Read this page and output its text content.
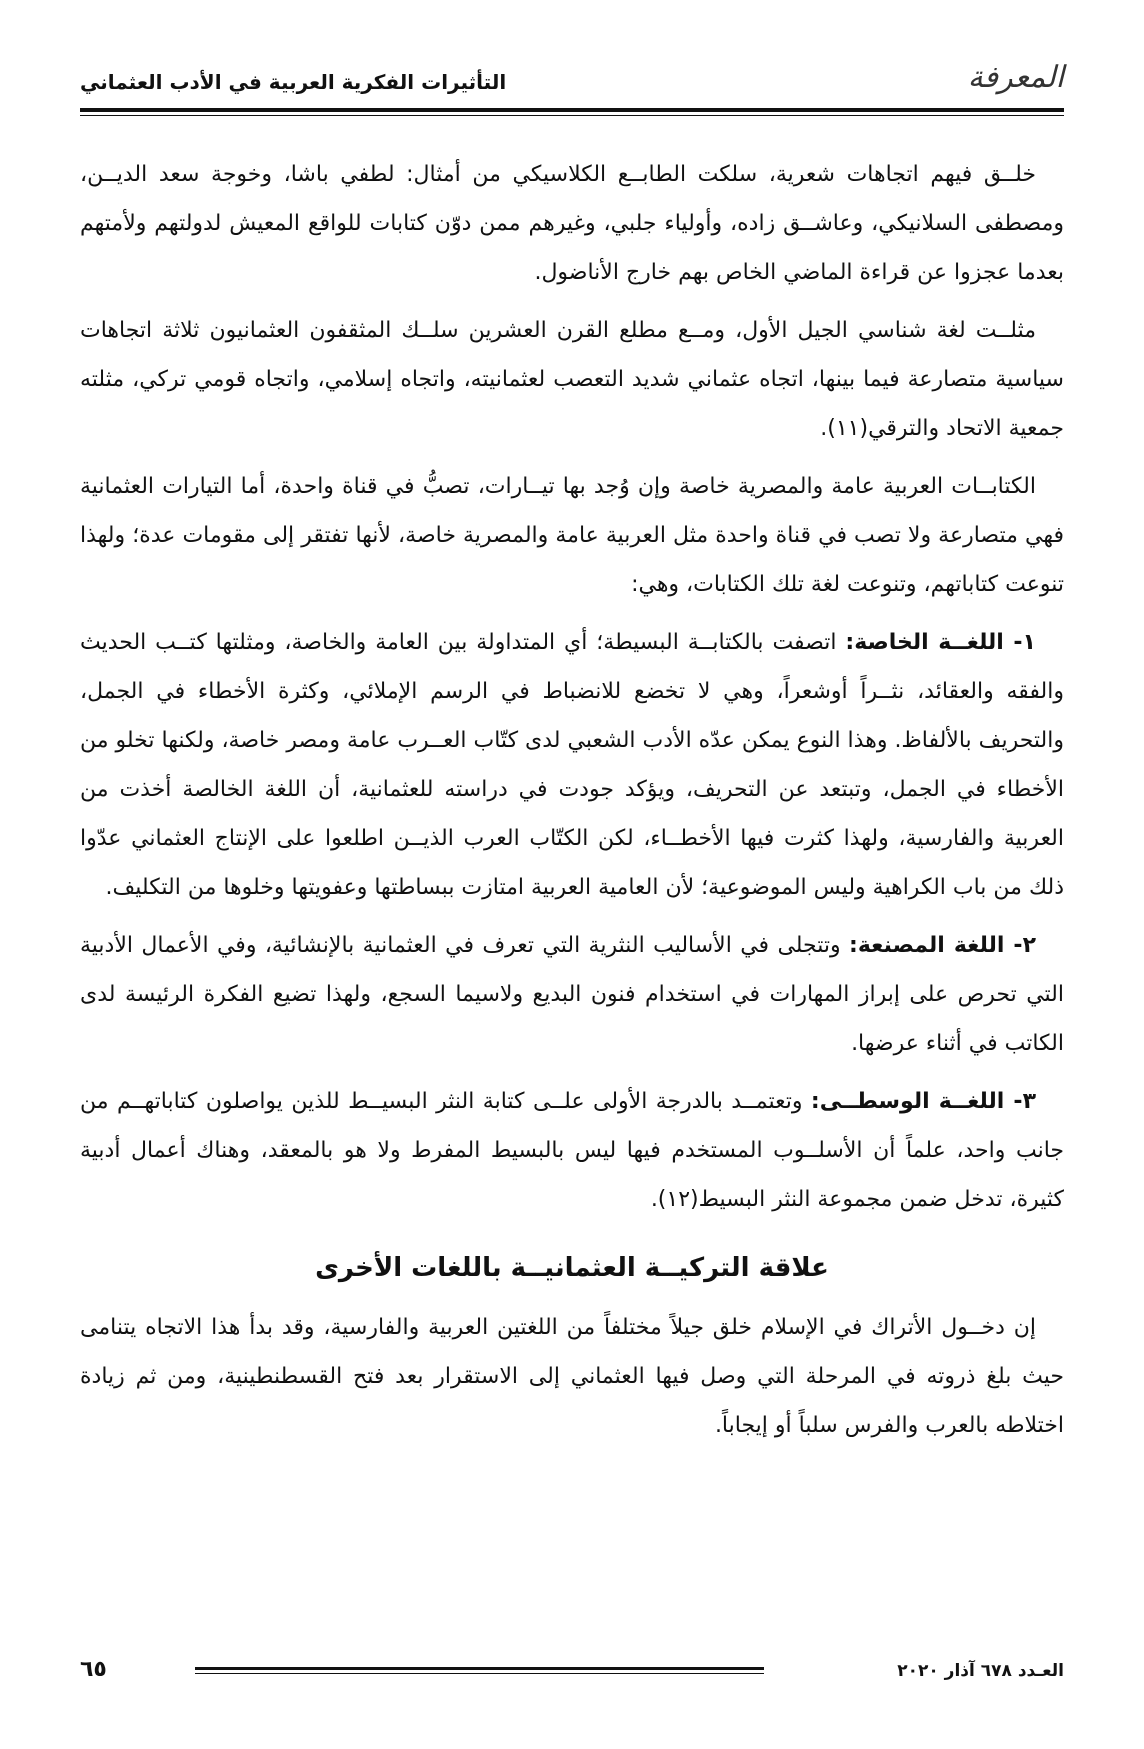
المعرفة
التأثيرات الفكرية العربية في الأدب العثماني

خلــق فيهم اتجاهات شعرية، سلكت الطابــع الكلاسيكي من أمثال: لطفي باشا، وخوجة سعد الديــن، ومصطفى السلانيكي، وعاشــق زاده، وأولياء جلبي، وغيرهم ممن دوّن كتابات للواقع المعيش لدولتهم ولأمتهم بعدما عجزوا عن قراءة الماضي الخاص بهم خارج الأناضول.

مثلــت لغة شناسي الجيل الأول، ومــع مطلع القرن العشرين سلــك المثقفون العثمانيون ثلاثة اتجاهات سياسية متصارعة فيما بينها، اتجاه عثماني شديد التعصب لعثمانيته، واتجاه إسلامي، واتجاه قومي تركي، مثلته جمعية الاتحاد والترقي(١١).

الكتابــات العربية عامة والمصرية خاصة وإن وُجد بها تيــارات، تصبُّ في قناة واحدة، أما التيارات العثمانية فهي متصارعة ولا تصب في قناة واحدة مثل العربية عامة والمصرية خاصة، لأنها تفتقر إلى مقومات عدة؛ ولهذا تنوعت كتاباتهم، وتنوعت لغة تلك الكتابات، وهي:

١- اللغــة الخاصة: اتصفت بالكتابــة البسيطة؛ أي المتداولة بين العامة والخاصة، ومثلتها كتــب الحديث والفقه والعقائد، نثــراً أوشعراً، وهي لا تخضع للانضباط في الرسم الإملائي، وكثرة الأخطاء في الجمل، والتحريف بالألفاظ. وهذا النوع يمكن عدّه الأدب الشعبي لدى كتّاب العــرب عامة ومصر خاصة، ولكنها تخلو من الأخطاء في الجمل، وتبتعد عن التحريف، ويؤكد جودت في دراسته للعثمانية، أن اللغة الخالصة أخذت من العربية والفارسية، ولهذا كثرت فيها الأخطــاء، لكن الكتّاب العرب الذيــن اطلعوا على الإنتاج العثماني عدّوا ذلك من باب الكراهية وليس الموضوعية؛ لأن العامية العربية امتازت ببساطتها وعفويتها وخلوها من التكليف.

٢- اللغة المصنعة: وتتجلى في الأساليب النثرية التي تعرف في العثمانية بالإنشائية، وفي الأعمال الأدبية التي تحرص على إبراز المهارات في استخدام فنون البديع ولاسيما السجع، ولهذا تضيع الفكرة الرئيسة لدى الكاتب في أثناء عرضها.

٣- اللغــة الوسطــى: وتعتمــد بالدرجة الأولى علــى كتابة النثر البسيــط للذين يواصلون كتاباتهــم من جانب واحد، علماً أن الأسلــوب المستخدم فيها ليس بالبسيط المفرط ولا هو بالمعقد، وهناك أعمال أدبية كثيرة، تدخل ضمن مجموعة النثر البسيط(١٢).

علاقة التركيــة العثمانيــة باللغات الأخرى

إن دخــول الأتراك في الإسلام خلق جيلاً مختلفاً من اللغتين العربية والفارسية، وقد بدأ هذا الاتجاه يتنامى حيث بلغ ذروته في المرحلة التي وصل فيها العثماني إلى الاستقرار بعد فتح القسطنطينية، ومن ثم زيادة اختلاطه بالعرب والفرس سلباً أو إيجاباً.

العـدد ٦٧٨ آذار ٢٠٢٠
٦٥
